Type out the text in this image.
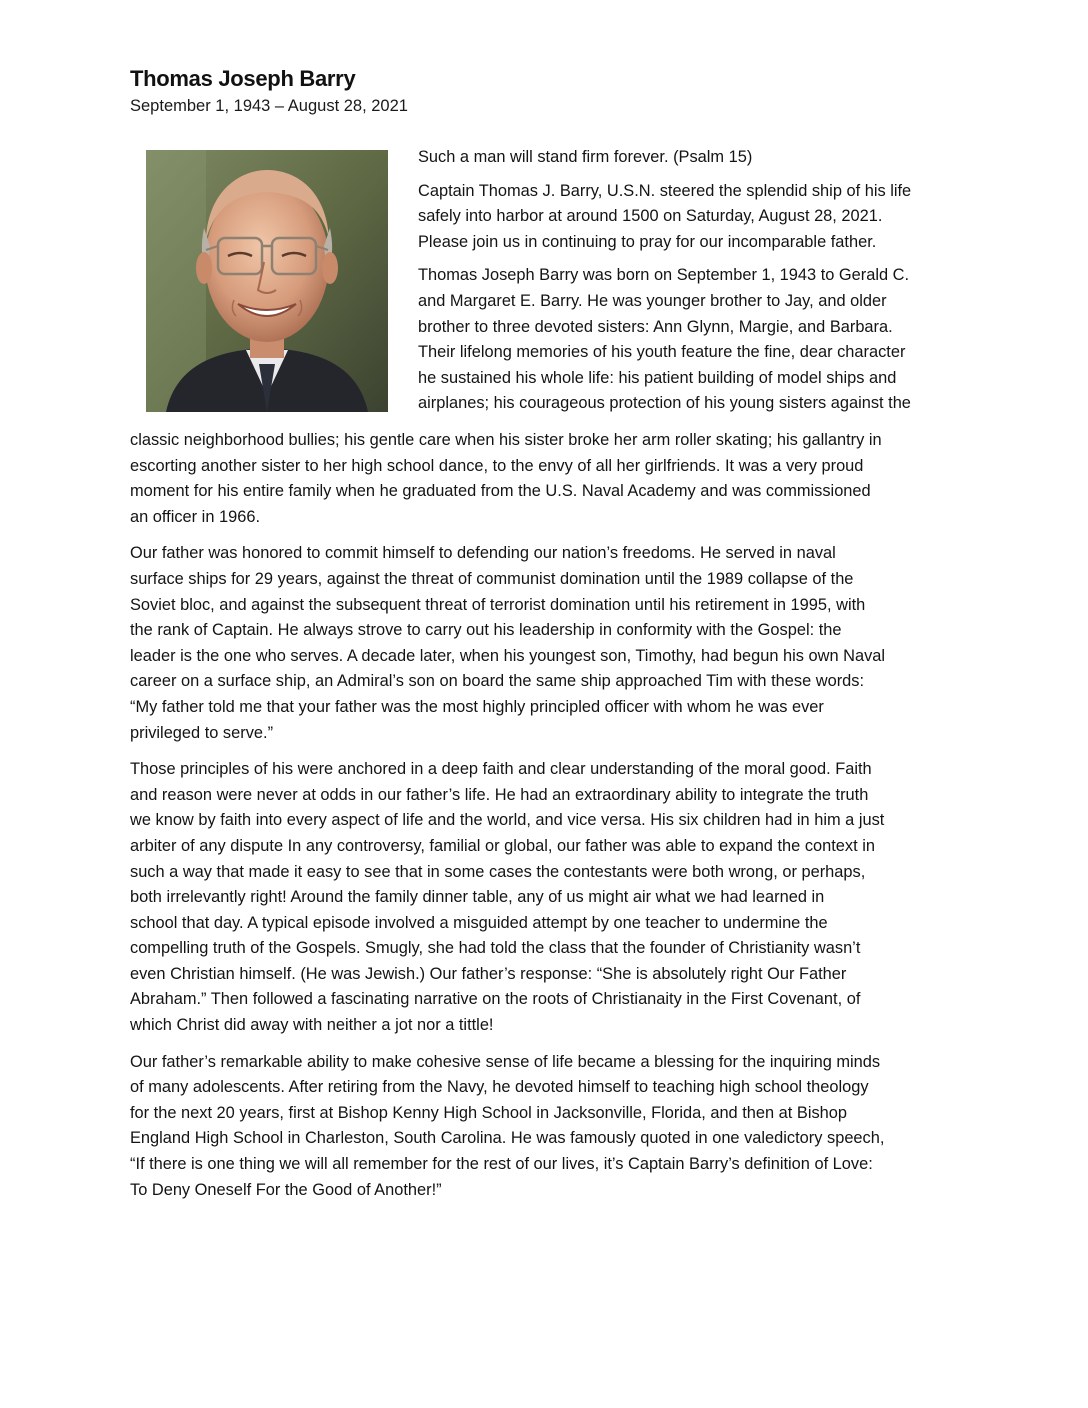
Thomas Joseph Barry
September 1, 1943 – August 28, 2021

Such a man will stand firm forever. (Psalm 15)

Captain Thomas J. Barry, U.S.N. steered the splendid ship of his life
safely into harbor at around 1500 on Saturday, August 28, 2021.
Please join us in continuing to pray for our incomparable father.

Thomas Joseph Barry was born on September 1, 1943 to Gerald C.
and Margaret E. Barry. He was younger brother to Jay, and older
brother to three devoted sisters: Ann Glynn, Margie, and Barbara.
Their lifelong memories of his youth feature the fine, dear character
he sustained his whole life: his patient building of model ships and
airplanes; his courageous protection of his young sisters against the

classic neighborhood bullies; his gentle care when his sister broke her arm roller skating; his gallantry in
escorting another sister to her high school dance, to the envy of all her girlfriends. It was a very proud
moment for his entire family when he graduated from the U.S. Naval Academy and was commissioned
an officer in 1966.

Our father was honored to commit himself to defending our nation’s freedoms. He served in naval
surface ships for 29 years, against the threat of communist domination until the 1989 collapse of the
Soviet bloc, and against the subsequent threat of terrorist domination until his retirement in 1995, with
the rank of Captain. He always strove to carry out his leadership in conformity with the Gospel: the
leader is the one who serves. A decade later, when his youngest son, Timothy, had begun his own Naval
career on a surface ship, an Admiral’s son on board the same ship approached Tim with these words:
“My father told me that your father was the most highly principled officer with whom he was ever
privileged to serve.”

Those principles of his were anchored in a deep faith and clear understanding of the moral good. Faith
and reason were never at odds in our father’s life. He had an extraordinary ability to integrate the truth
we know by faith into every aspect of life and the world, and vice versa. His six children had in him a just
arbiter of any dispute In any controversy, familial or global, our father was able to expand the context in
such a way that made it easy to see that in some cases the contestants were both wrong, or perhaps,
both irrelevantly right! Around the family dinner table, any of us might air what we had learned in
school that day. A typical episode involved a misguided attempt by one teacher to undermine the
compelling truth of the Gospels. Smugly, she had told the class that the founder of Christianity wasn’t
even Christian himself. (He was Jewish.) Our father’s response: “She is absolutely right Our Father
Abraham.” Then followed a fascinating narrative on the roots of Christianaity in the First Covenant, of
which Christ did away with neither a jot nor a tittle!

Our father’s remarkable ability to make cohesive sense of life became a blessing for the inquiring minds
of many adolescents. After retiring from the Navy, he devoted himself to teaching high school theology
for the next 20 years, first at Bishop Kenny High School in Jacksonville, Florida, and then at Bishop
England High School in Charleston, South Carolina. He was famously quoted in one valedictory speech,
“If there is one thing we will all remember for the rest of our lives, it’s Captain Barry’s definition of Love:
To Deny Oneself For the Good of Another!”
